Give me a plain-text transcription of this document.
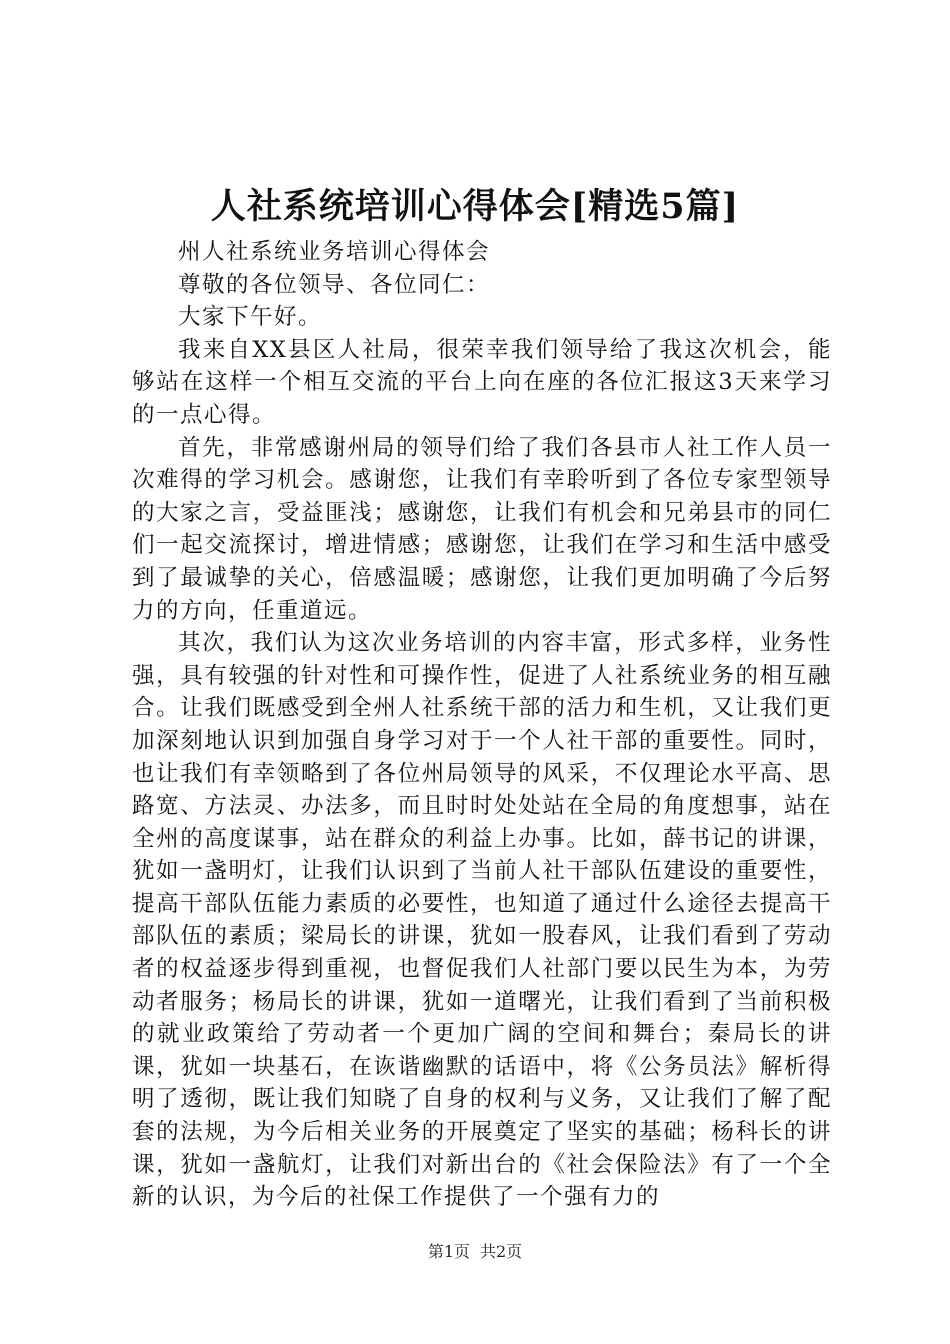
人社系统培训心得体会[精选5篇]

州人社系统业务培训心得体会

尊敬的各位领导、各位同仁：

大家下午好。

我来自XX县区人社局，很荣幸我们领导给了我这次机会，能够站在这样一个相互交流的平台上向在座的各位汇报这3天来学习的一点心得。

首先，非常感谢州局的领导们给了我们各县市人社工作人员一次难得的学习机会。感谢您，让我们有幸聆听到了各位专家型领导的大家之言，受益匪浅；感谢您，让我们有机会和兄弟县市的同仁们一起交流探讨，增进情感；感谢您，让我们在学习和生活中感受到了最诚挚的关心，倍感温暖；感谢您，让我们更加明确了今后努力的方向，任重道远。

其次，我们认为这次业务培训的内容丰富，形式多样，业务性强，具有较强的针对性和可操作性，促进了人社系统业务的相互融合。让我们既感受到全州人社系统干部的活力和生机，又让我们更加深刻地认识到加强自身学习对于一个人社干部的重要性。同时，也让我们有幸领略到了各位州局领导的风采，不仅理论水平高、思路宽、方法灵、办法多，而且时时处处站在全局的角度想事，站在全州的高度谋事，站在群众的利益上办事。比如，薛书记的讲课，犹如一盏明灯，让我们认识到了当前人社干部队伍建设的重要性，提高干部队伍能力素质的必要性，也知道了通过什么途径去提高干部队伍的素质；梁局长的讲课，犹如一股春风，让我们看到了劳动者的权益逐步得到重视，也督促我们人社部门要以民生为本，为劳动者服务；杨局长的讲课，犹如一道曙光，让我们看到了当前积极的就业政策给了劳动者一个更加广阔的空间和舞台；秦局长的讲课，犹如一块基石，在诙谐幽默的话语中，将《公务员法》解析得明了透彻，既让我们知晓了自身的权利与义务，又让我们了解了配套的法规，为今后相关业务的开展奠定了坚实的基础；杨科长的讲课，犹如一盏航灯，让我们对新出台的《社会保险法》有了一个全新的认识，为今后的社保工作提供了一个强有力的

第1页 共2页
